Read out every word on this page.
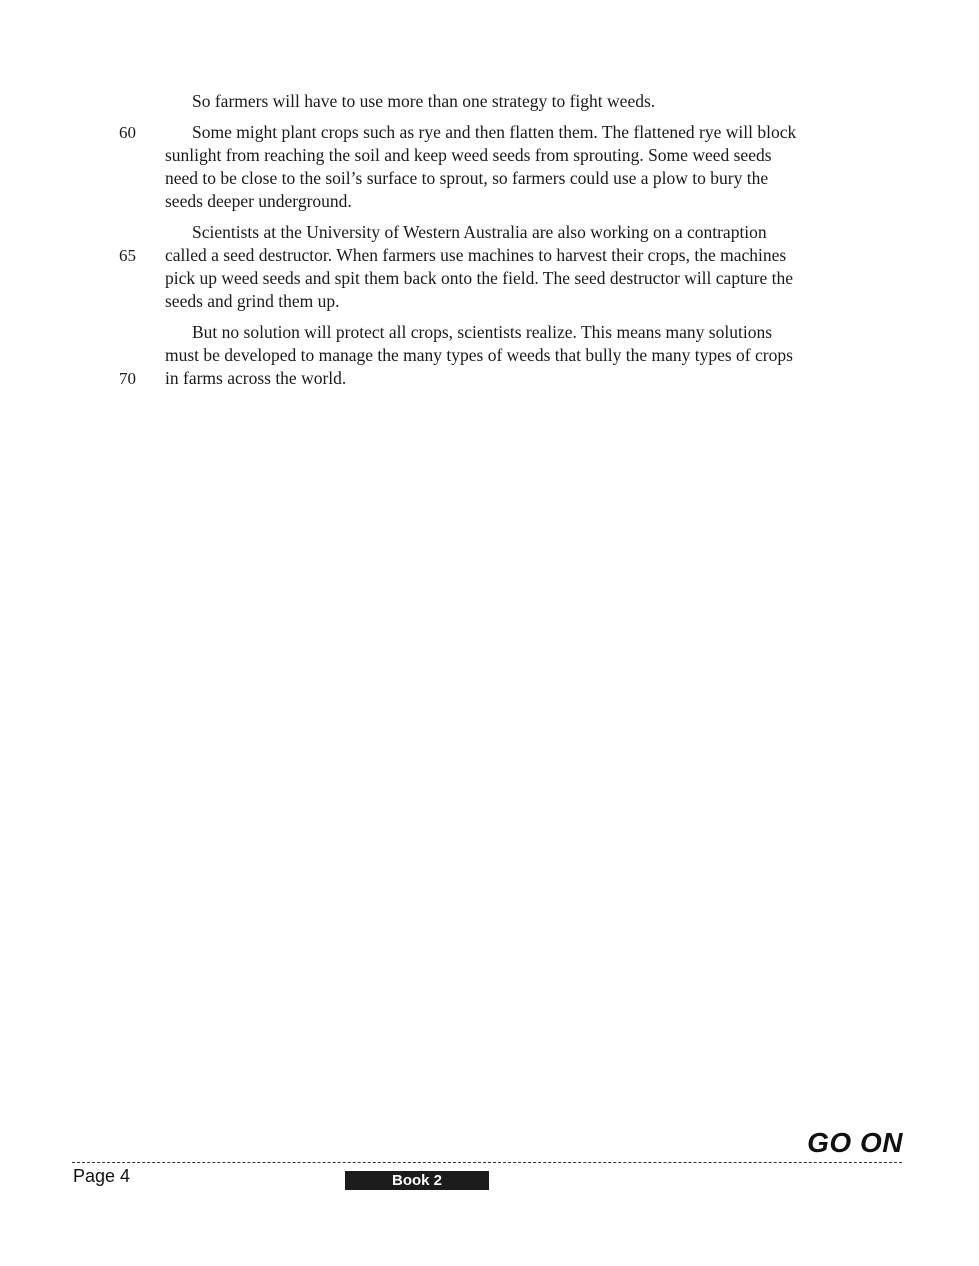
So farmers will have to use more than one strategy to fight weeds.
60	Some might plant crops such as rye and then flatten them. The flattened rye will block
sunlight from reaching the soil and keep weed seeds from sprouting. Some weed seeds
need to be close to the soil’s surface to sprout, so farmers could use a plow to bury the
seeds deeper underground.
Scientists at the University of Western Australia are also working on a contraption
65	called a seed destructor. When farmers use machines to harvest their crops, the machines
pick up weed seeds and spit them back onto the field. The seed destructor will capture the
seeds and grind them up.
But no solution will protect all crops, scientists realize. This means many solutions
must be developed to manage the many types of weeds that bully the many types of crops
70	in farms across the world.
GO ON
Page 4	Book 2
